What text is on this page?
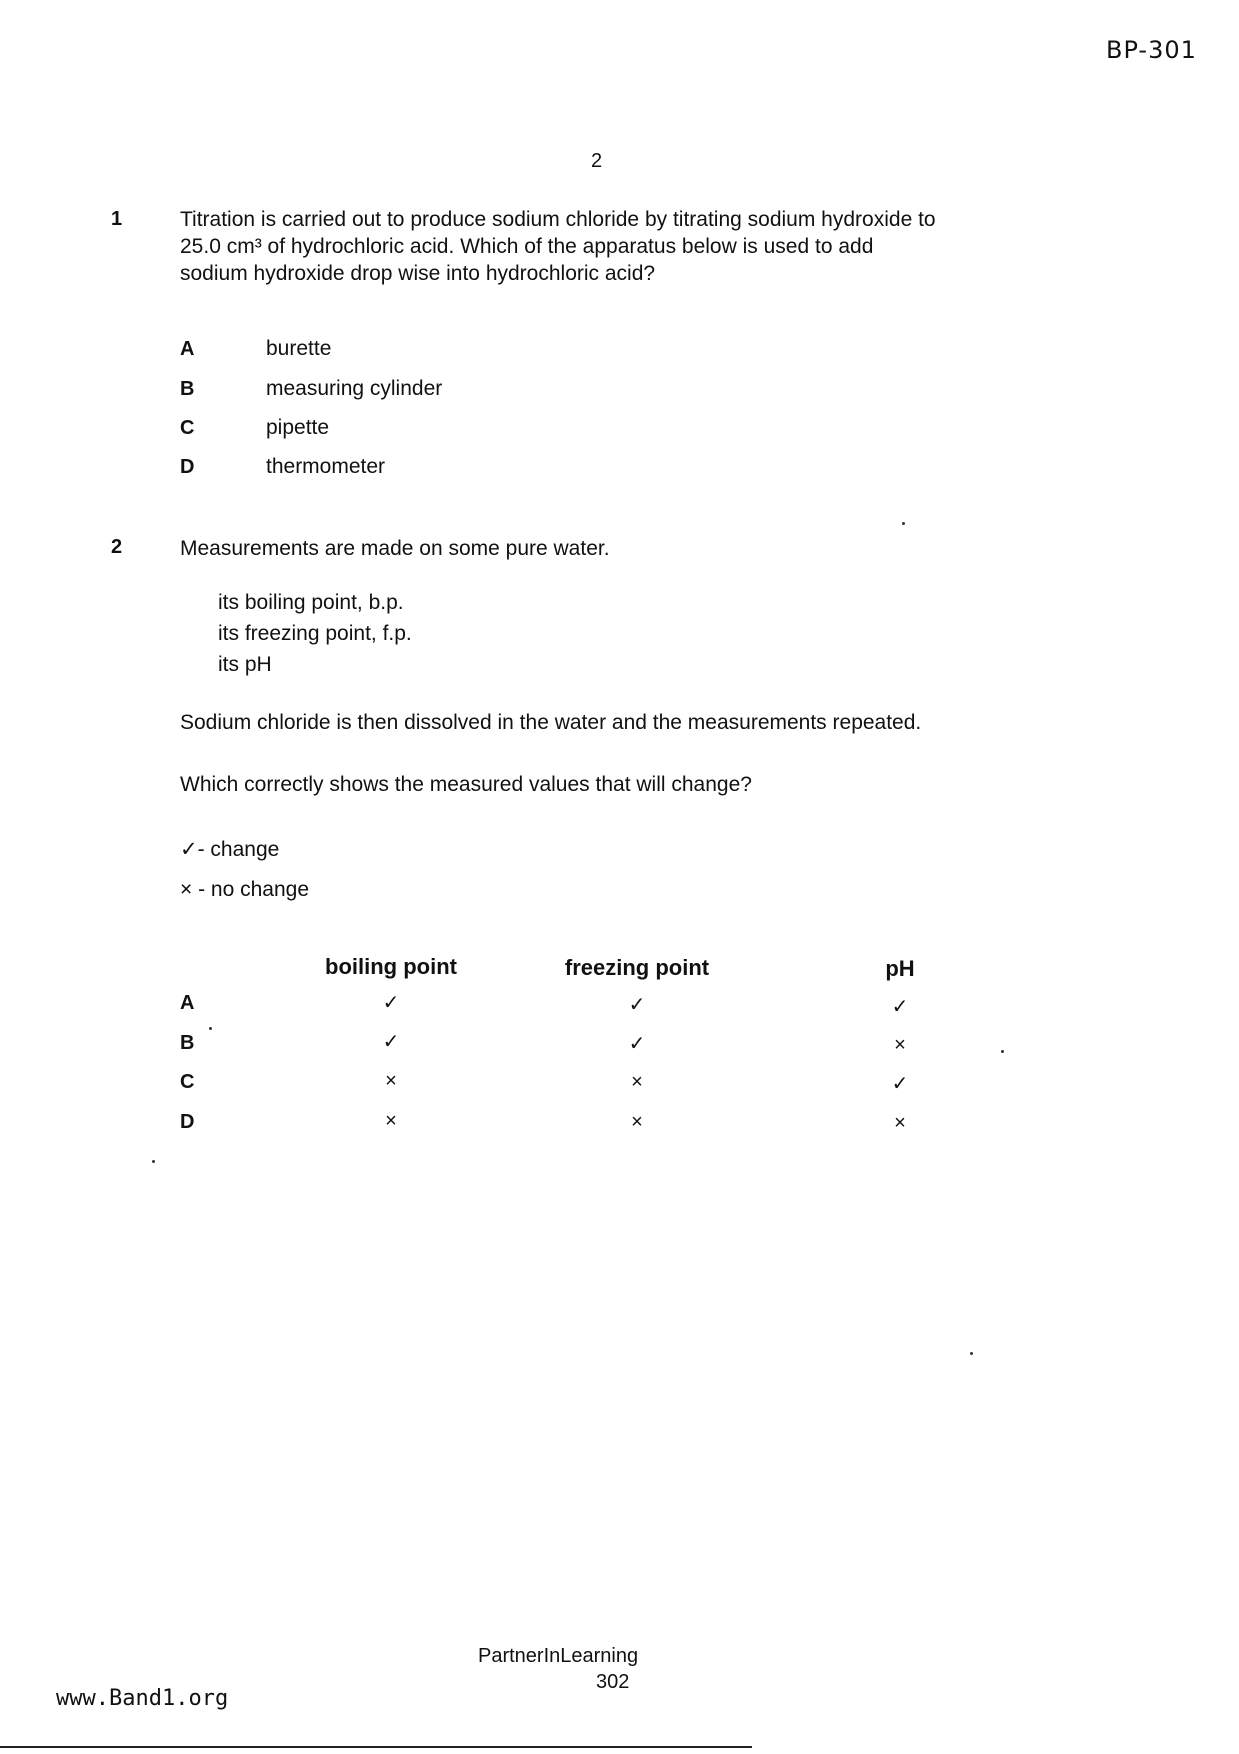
BP-301
2
1	Titration is carried out to produce sodium chloride by titrating sodium hydroxide to
25.0 cm³ of hydrochloric acid. Which of the apparatus below is used to add
sodium hydroxide drop wise into hydrochloric acid?
A	burette
B	measuring cylinder
C	pipette
D	thermometer
2	Measurements are made on some pure water.
its boiling point, b.p.
its freezing point, f.p.
its pH
Sodium chloride is then dissolved in the water and the measurements repeated.
Which correctly shows the measured values that will change?
✓- change
× - no change
boiling point	freezing point	pH
A	✓	✓	✓
B	✓	✓	×
C	×	×	✓
D	×	×	×
PartnerInLearning
302
www.Band1.org
